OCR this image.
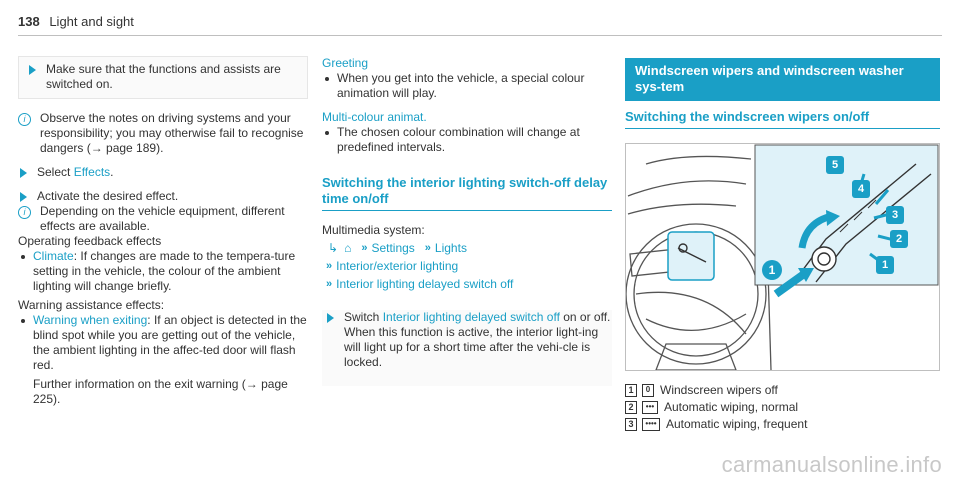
138 Light and sight
Make sure that the functions and assists are switched on.
i	Observe the notes on driving systems and your responsibility; you may otherwise fail to recognise dangers (→ page 189).
Select Effects.
Activate the desired effect.
i	Depending on the vehicle equipment, different effects are available.
Operating feedback effects
Climate: If changes are made to the tempera-ture setting in the vehicle, the colour of the ambient lighting will change briefly.
Warning assistance effects:
Warning when exiting: If an object is detected in the blind spot while you are getting out of the vehicle, the ambient lighting in the affec-ted door will flash red.
Further information on the exit warning (→ page 225).
Greeting
When you get into the vehicle, a special colour animation will play.
Multi-colour animat.
The chosen colour combination will change at predefined intervals.
Switching the interior lighting switch-off delay time on/off
Multimedia system:
↳ ⌂ » Settings » Lights
» Interior/exterior lighting
» Interior lighting delayed switch off
Switch Interior lighting delayed switch off on or off.
When this function is active, the interior light-ing will light up for a short time after the vehi-cle is locked.
Windscreen wipers and windscreen washer sys-tem
Switching the windscreen wipers on/off
1	1
2
3
4
5
1	0 Windscreen wipers off
2	••• Automatic wiping, normal
3	•••• Automatic wiping, frequent
carmanualsonline.info
